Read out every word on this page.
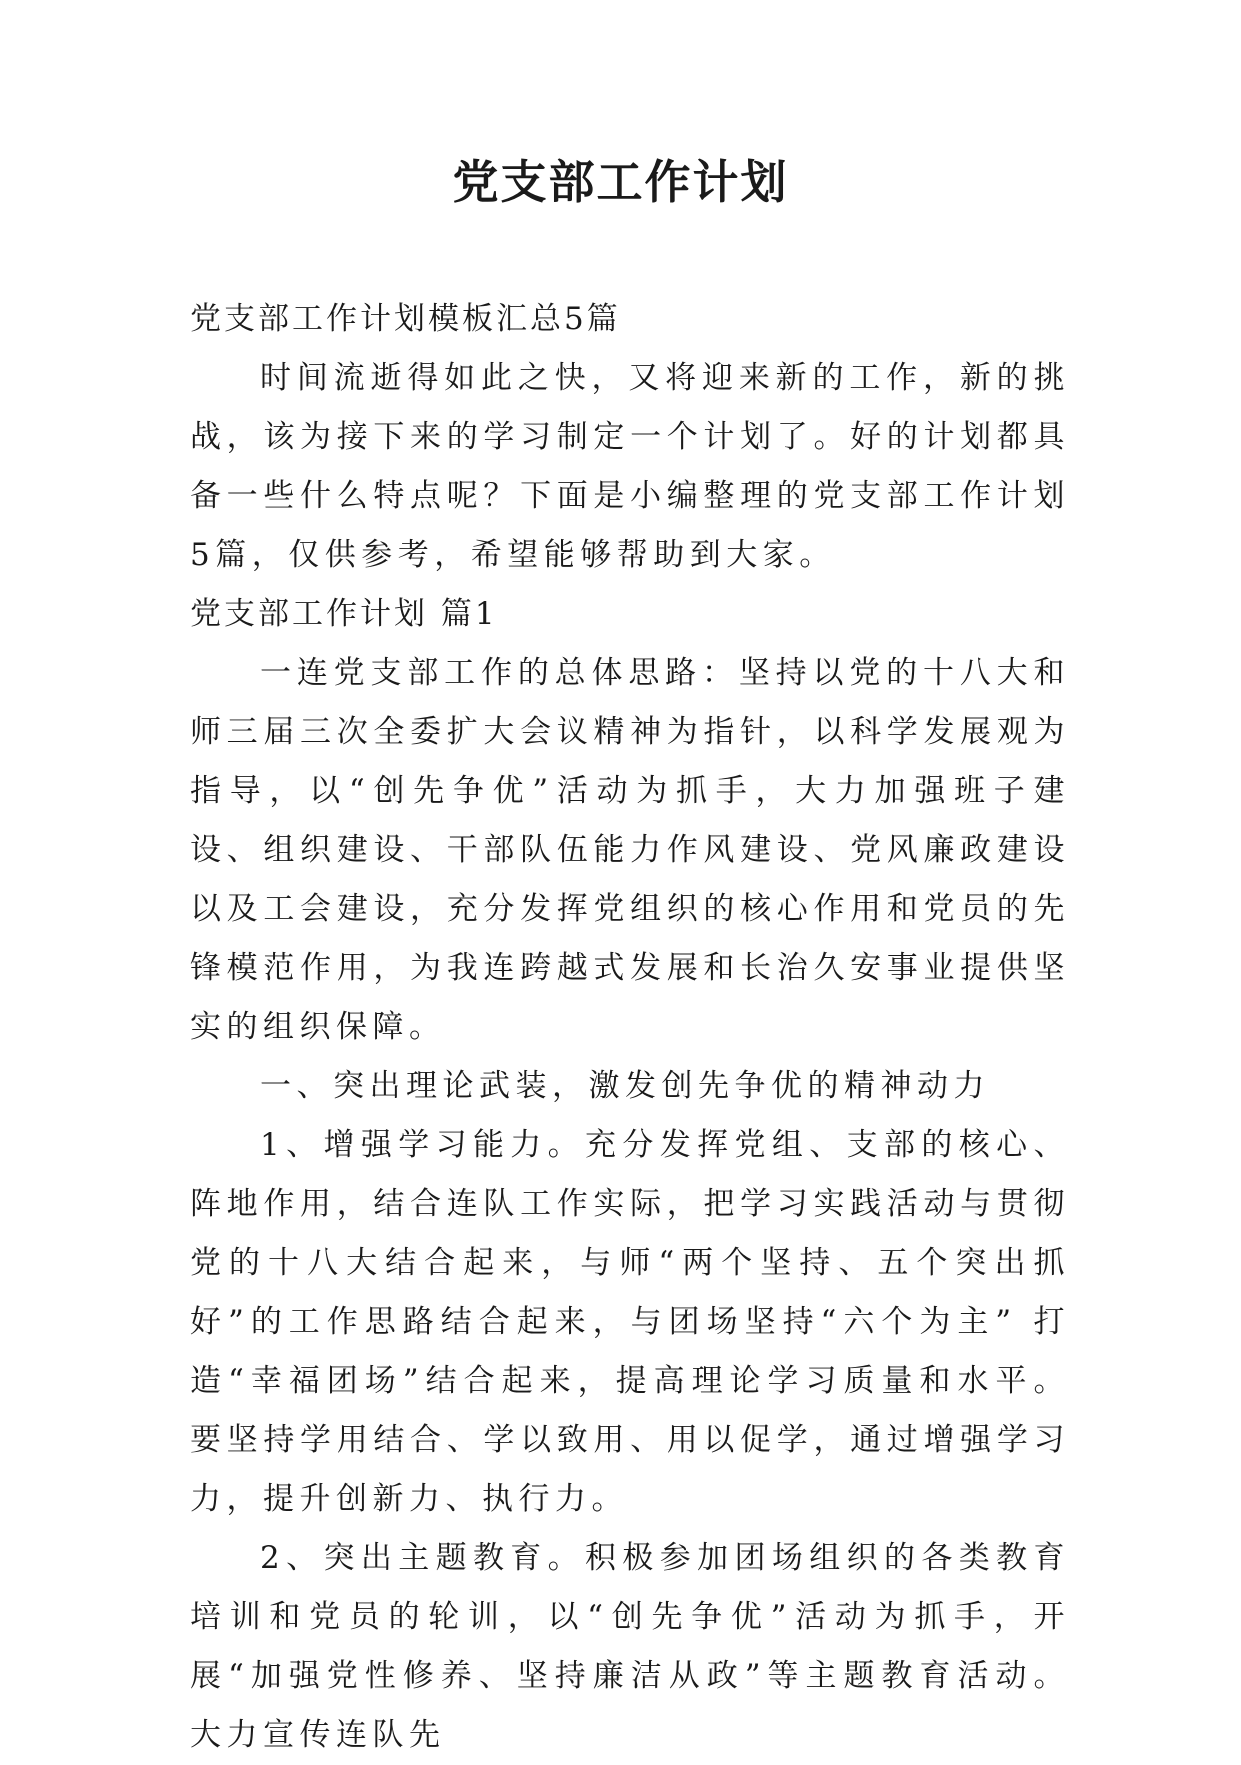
党支部工作计划

党支部工作计划模板汇总5篇

时间流逝得如此之快，又将迎来新的工作，新的挑战，该为接下来的学习制定一个计划了。好的计划都具备一些什么特点呢？下面是小编整理的党支部工作计划5篇，仅供参考，希望能够帮助到大家。

党支部工作计划 篇1

一连党支部工作的总体思路：坚持以党的十八大和师三届三次全委扩大会议精神为指针，以科学发展观为指导，以“创先争优”活动为抓手，大力加强班子建设、组织建设、干部队伍能力作风建设、党风廉政建设以及工会建设，充分发挥党组织的核心作用和党员的先锋模范作用，为我连跨越式发展和长治久安事业提供坚实的组织保障。

一、突出理论武装，激发创先争优的精神动力

1、增强学习能力。充分发挥党组、支部的核心、阵地作用，结合连队工作实际，把学习实践活动与贯彻党的十八大结合起来，与师“两个坚持、五个突出抓好”的工作思路结合起来，与团场坚持“六个为主” 打造“幸福团场”结合起来，提高理论学习质量和水平。要坚持学用结合、学以致用、用以促学，通过增强学习力，提升创新力、执行力。

2、突出主题教育。积极参加团场组织的各类教育培训和党员的轮训，以“创先争优”活动为抓手，开展“加强党性修养、坚持廉洁从政”等主题教育活动。大力宣传连队先
